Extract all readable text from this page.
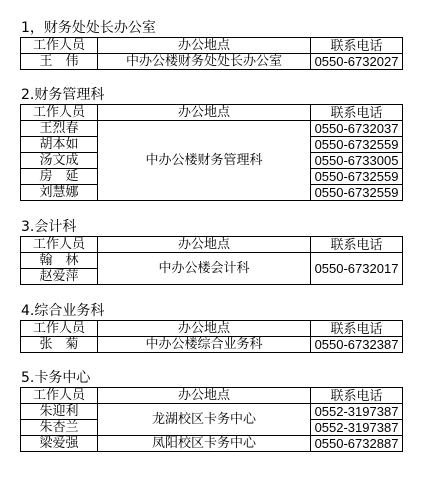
1，财务处处长办公室
工作人员	办公地点	联系电话
王　伟	中办公楼财务处处长办公室	0550-6732027
2.财务管理科
工作人员	办公地点	联系电话
王烈春	中办公楼财务管理科	0550-6732037
胡本如		0550-6732559
汤文成		0550-6733005
房　延		0550-6732559
刘慧娜		0550-6732559
3.会计科
工作人员	办公地点	联系电话
翰　林	中办公楼会计科	0550-6732017
赵爱萍		
4.综合业务科
工作人员	办公地点	联系电话
张　菊	中办公楼综合业务科	0550-6732387
5.卡务中心
工作人员	办公地点	联系电话
朱迎利	龙湖校区卡务中心	0552-3197387
朱杏兰		0552-3197387
梁爱强	凤阳校区卡务中心	0550-6732887
